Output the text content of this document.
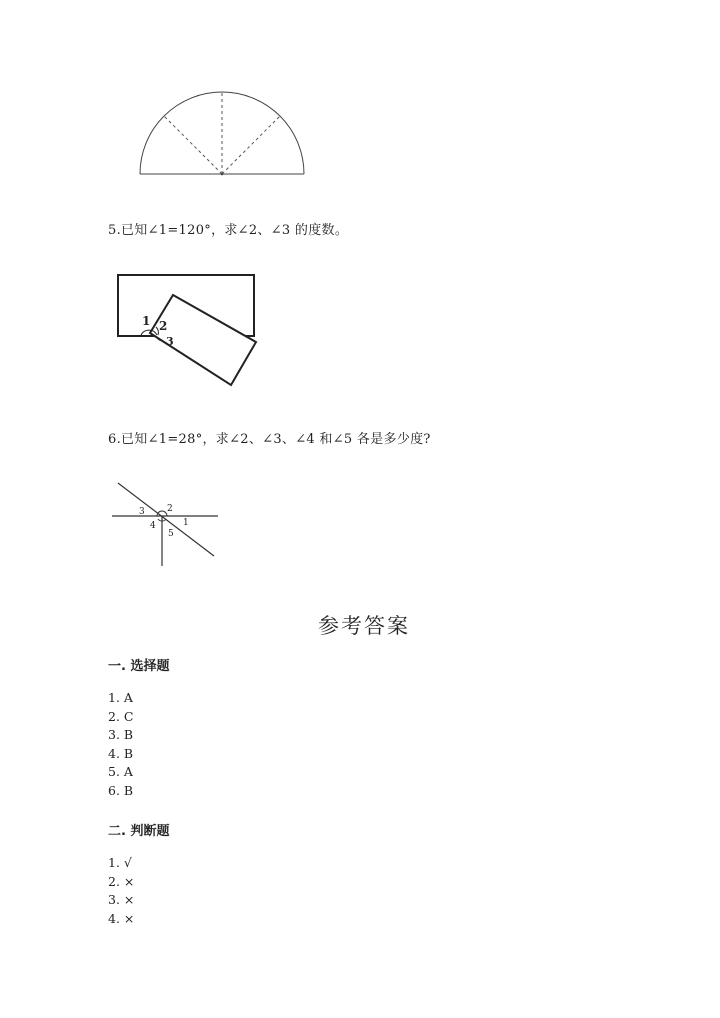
5.已知∠1=120°，求∠2、∠3 的度数。
1 2
3
6.已知∠1=28°，求∠2、∠3、∠4 和∠5 各是多少度?
2
3
4	1
5
参考答案
一. 选择题
1. A
2. C
3. B
4. B
5. A
6. B
二. 判断题
1. √
2. ×
3. ×
4. ×
